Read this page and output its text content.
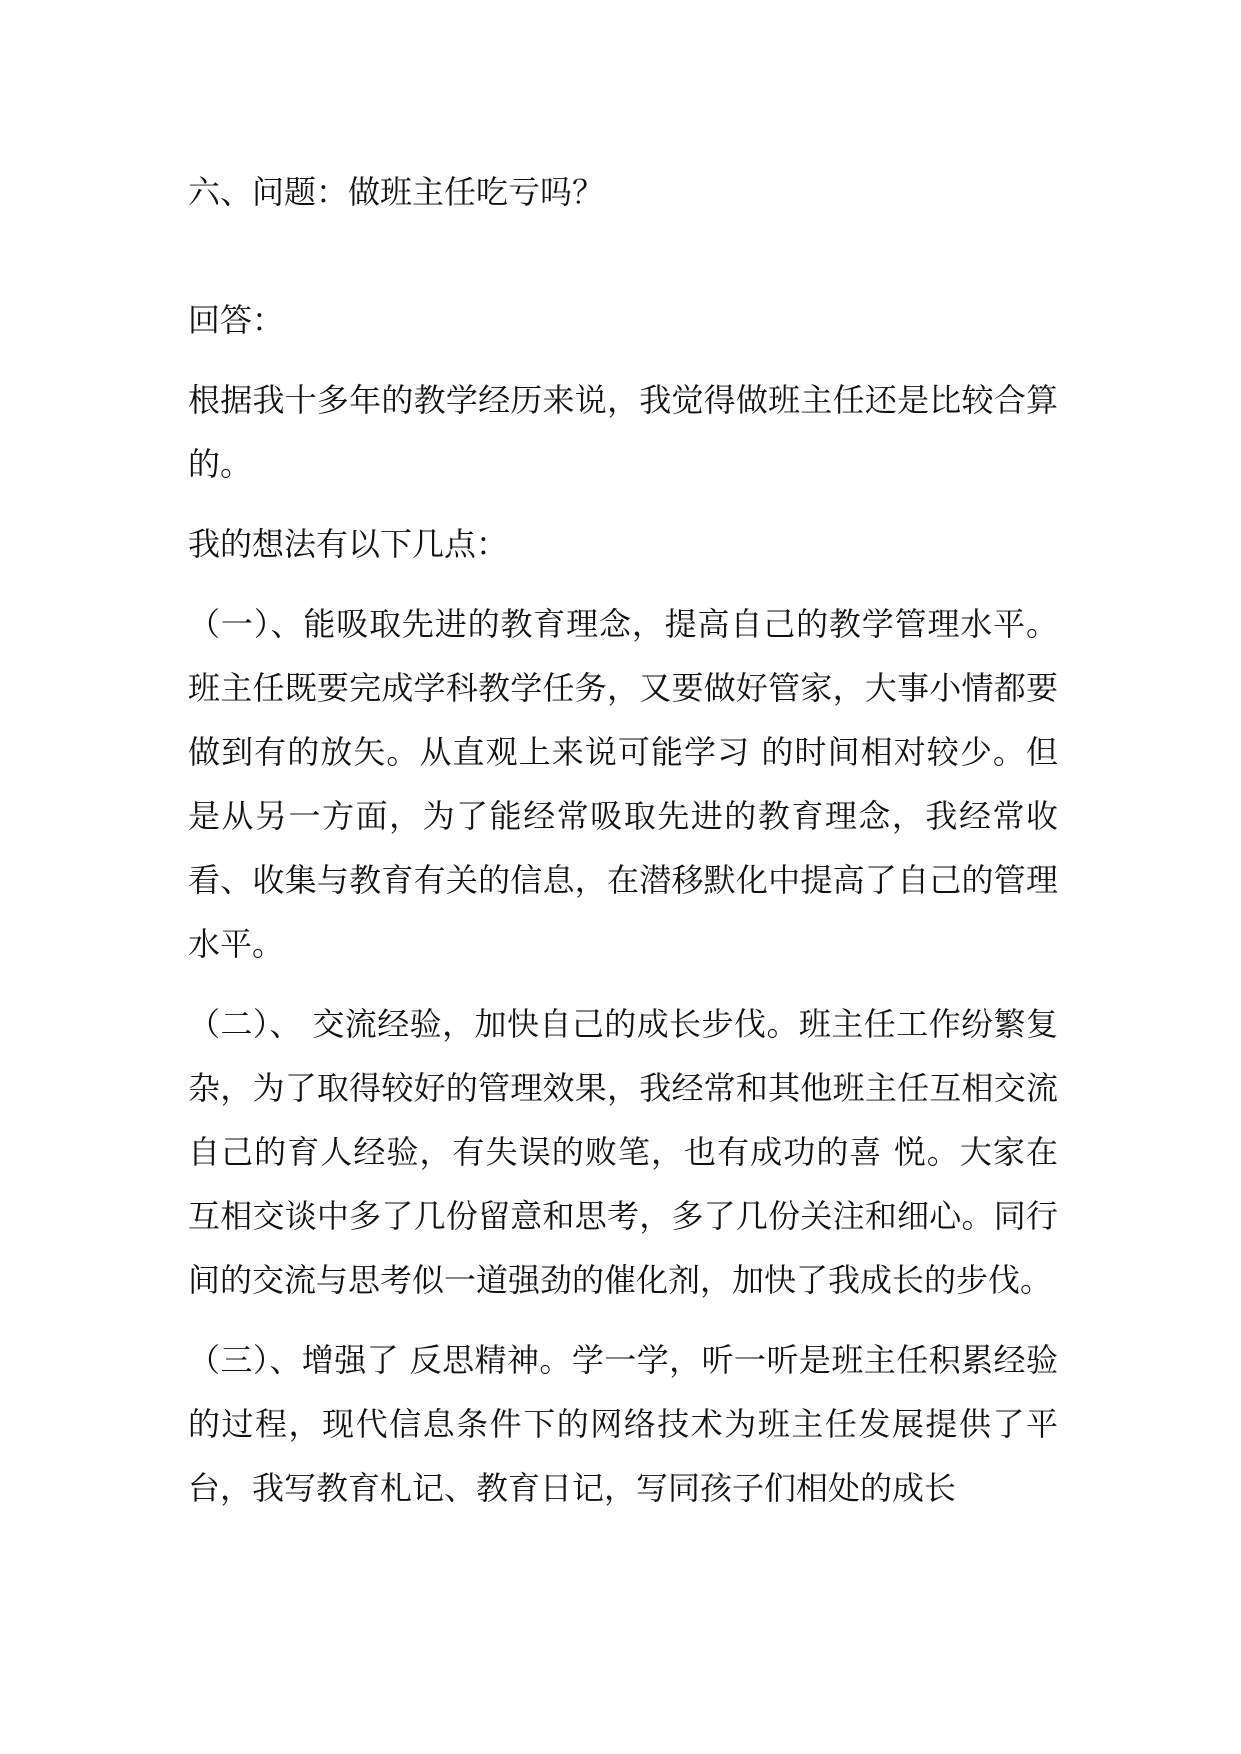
六、问题：做班主任吃亏吗？

回答：

根据我十多年的教学经历来说，我觉得做班主任还是比较合算的。

我的想法有以下几点：

（一）、能吸取先进的教育理念，提高自己的教学管理水平。班主任既要完成学科教学任务，又要做好管家，大事小情都要做到有的放矢。从直观上来说可能学习 的时间相对较少。但是从另一方面，为了能经常吸取先进的教育理念，我经常收看、收集与教育有关的信息，在潜移默化中提高了自己的管理水平。

（二）、 交流经验，加快自己的成长步伐。班主任工作纷繁复杂，为了取得较好的管理效果，我经常和其他班主任互相交流自己的育人经验，有失误的败笔，也有成功的喜 悦。大家在互相交谈中多了几份留意和思考，多了几份关注和细心。同行间的交流与思考似一道强劲的催化剂，加快了我成长的步伐。

（三）、增强了 反思精神。学一学，听一听是班主任积累经验的过程，现代信息条件下的网络技术为班主任发展提供了平台，我写教育札记、教育日记，写同孩子们相处的成长
